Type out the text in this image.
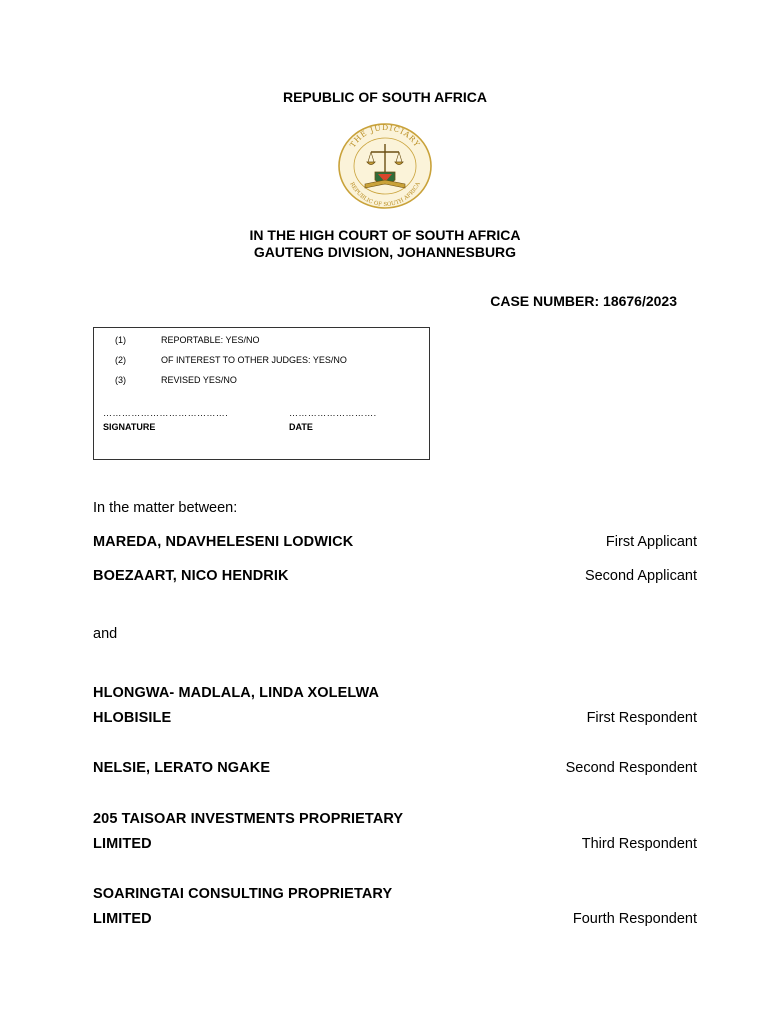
REPUBLIC OF SOUTH AFRICA
THE JUDICIARY
REPUBLIC OF SOUTH AFRICA
IN THE HIGH COURT OF SOUTH AFRICA
GAUTENG DIVISION, JOHANNESBURG
CASE NUMBER: 18676/2023
(1)	REPORTABLE: YES/NO
(2)	OF INTEREST TO OTHER JUDGES: YES/NO
(3)	REVISED YES/NO
………………………………….
SIGNATURE
……………………….
DATE
In the matter between:
MAREDA, NDAVHELESENI LODWICK	First Applicant
BOEZAART, NICO HENDRIK	Second Applicant
and
HLONGWA- MADLALA, LINDA XOLELWA
HLOBISILE	First Respondent
NELSIE, LERATO NGAKE	Second Respondent
205 TAISOAR INVESTMENTS PROPRIETARY
LIMITED	Third Respondent
SOARINGTAI CONSULTING PROPRIETARY
LIMITED	Fourth Respondent
